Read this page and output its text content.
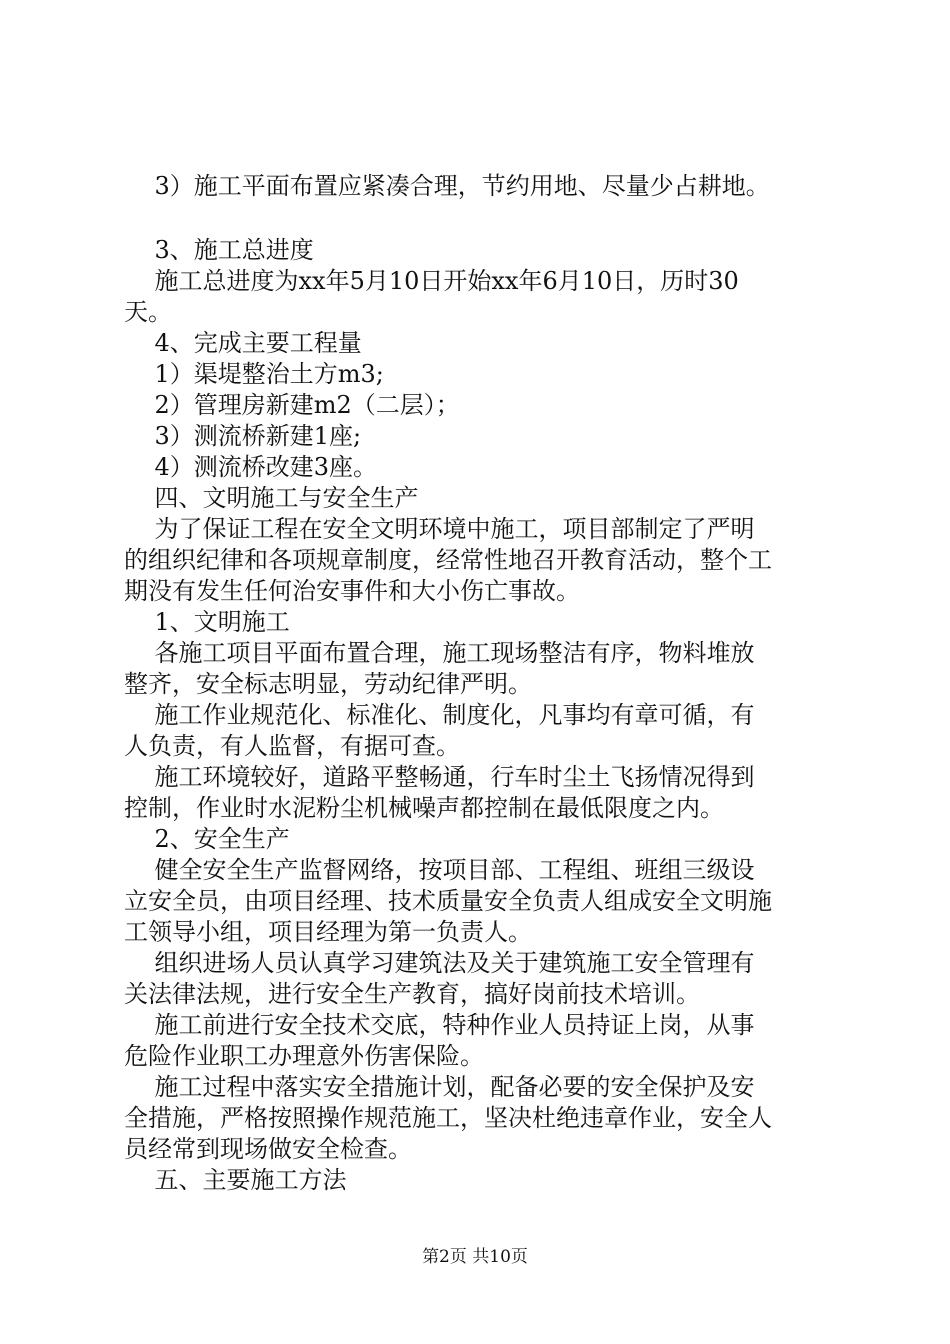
3）施工平面布置应紧凑合理，节约用地、尽量少占耕地。
3、施工总进度
施工总进度为xx年5月10日开始xx年6月10日，历时30
天。
4、完成主要工程量
1）渠堤整治土方m3;
2）管理房新建m2（二层）；
3）测流桥新建1座;
4）测流桥改建3座。
四、文明施工与安全生产
为了保证工程在安全文明环境中施工，项目部制定了严明
的组织纪律和各项规章制度，经常性地召开教育活动，整个工
期没有发生任何治安事件和大小伤亡事故。
1、文明施工
各施工项目平面布置合理，施工现场整洁有序，物料堆放
整齐，安全标志明显，劳动纪律严明。
施工作业规范化、标准化、制度化，凡事均有章可循，有
人负责，有人监督，有据可查。
施工环境较好，道路平整畅通，行车时尘土飞扬情况得到
控制，作业时水泥粉尘机械噪声都控制在最低限度之内。
2、安全生产
健全安全生产监督网络，按项目部、工程组、班组三级设
立安全员，由项目经理、技术质量安全负责人组成安全文明施
工领导小组，项目经理为第一负责人。
组织进场人员认真学习建筑法及关于建筑施工安全管理有
关法律法规，进行安全生产教育，搞好岗前技术培训。
施工前进行安全技术交底，特种作业人员持证上岗，从事
危险作业职工办理意外伤害保险。
施工过程中落实安全措施计划，配备必要的安全保护及安
全措施，严格按照操作规范施工，坚决杜绝违章作业，安全人
员经常到现场做安全检查。
五、主要施工方法
第2页 共10页
